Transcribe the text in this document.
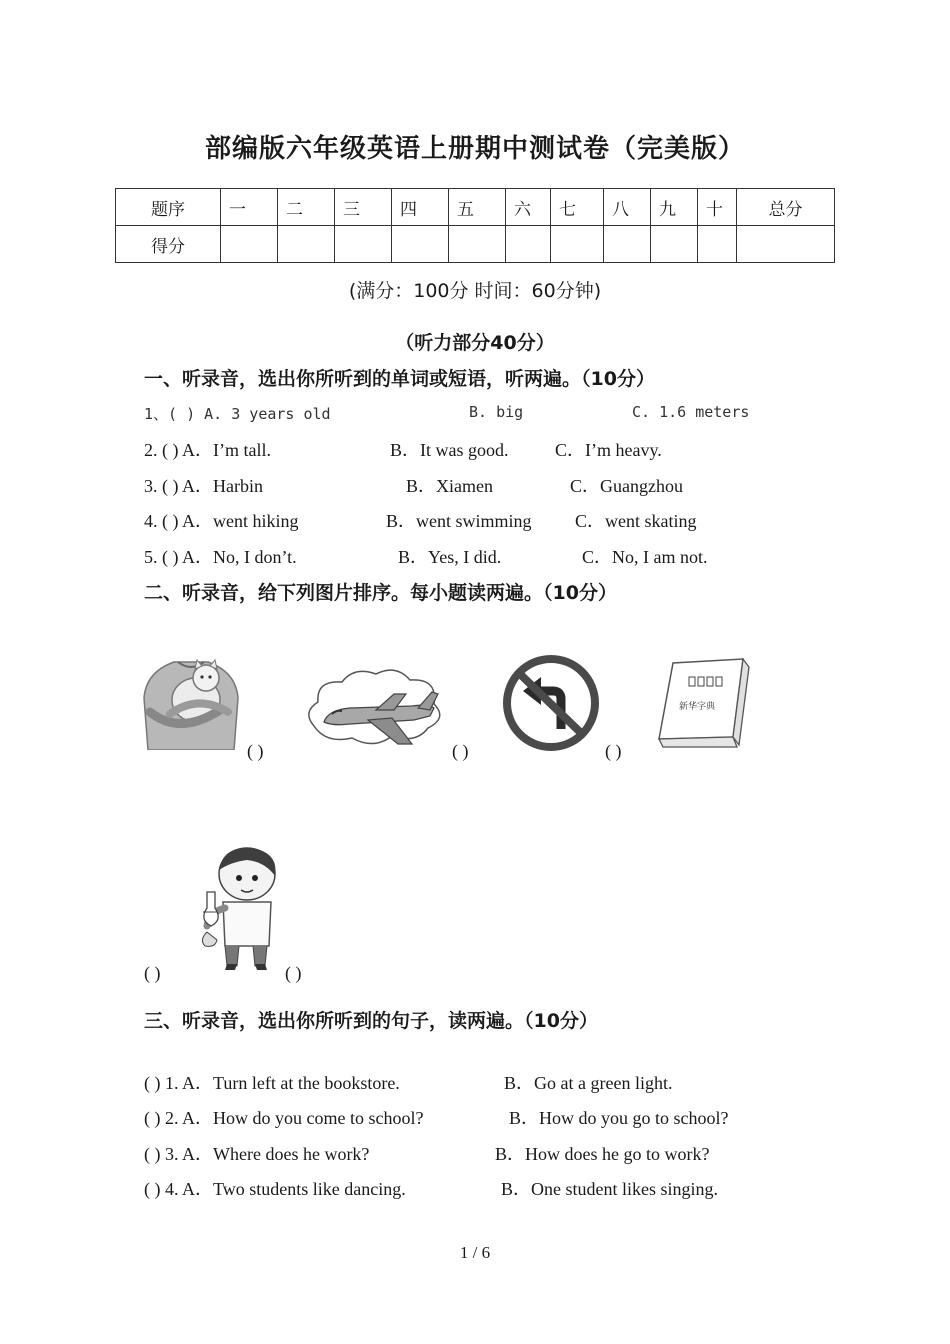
部编版六年级英语上册期中测试卷（完美版）
题序	一	二	三	四	五	六	七	八	九	十	总分
得分											
(满分：100分 时间：60分钟)
（听力部分40分）
一、听录音，选出你所听到的单词或短语，听两遍。（10分）
1、( ) A. 3 years old	B. big	C. 1.6 meters
2. ( ) A．I’m tall.	B．It was good.	C．I’m heavy.
3. ( ) A．Harbin	B．Xiamen	C．Guangzhou
4. ( ) A．went hiking	B．went swimming C．went skating
5. ( ) A．No, I don’t.	B．Yes, I did.	C．No, I am not.
二、听录音，给下列图片排序。每小题读两遍。（10分）
( )	( )	( )
新华字典
( )	( )
三、听录音，选出你所听到的句子，读两遍。（10分）
( ) 1. A．Turn left at the bookstore.	B．Go at a green light.
( ) 2. A．How do you come to school?	B．How do you go to school?
( ) 3. A．Where does he work?	B．How does he go to work?
( ) 4. A．Two students like dancing.	B．One student likes singing.
1 / 6
